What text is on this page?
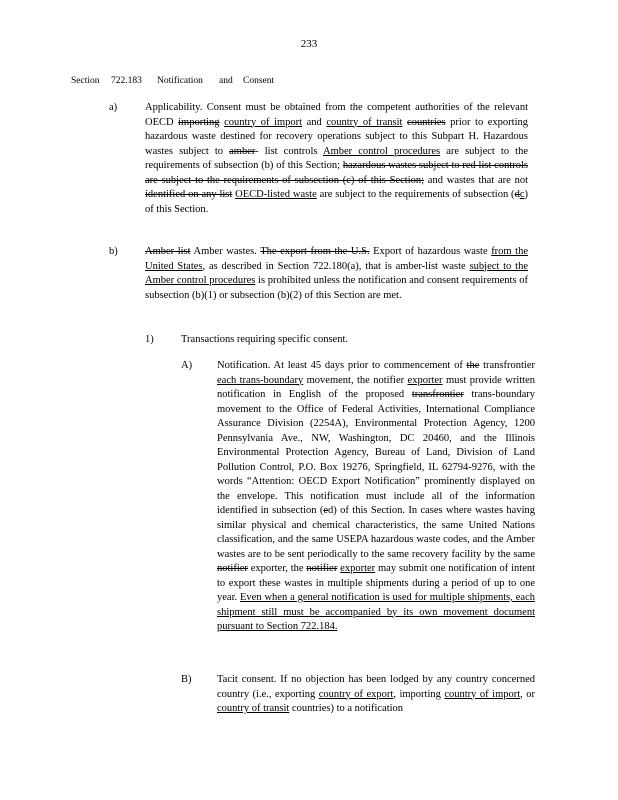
233
Section 722.183 Notification and Consent
a)	Applicability. Consent must be obtained from the competent authorities of the relevant OECD importing country of import and country of transit countries prior to exporting hazardous waste destined for recovery operations subject to this Subpart H. Hazardous wastes subject to amber- list controls Amber control procedures are subject to the requirements of subsection (b) of this Section; hazardous wastes subject to red list controls are subject to the requirements of subsection (c) of this Section; and wastes that are not identified on any list OECD-listed waste are subject to the requirements of subsection (dc) of this Section.

b)	Amber list Amber wastes. The export from the U.S. Export of hazardous waste from the United States, as described in Section 722.180(a), that is amber-list waste subject to the Amber control procedures is prohibited unless the notification and consent requirements of subsection (b)(1) or subsection (b)(2) of this Section are met.

1)	Transactions requiring specific consent.
A) Notification. At least 45 days prior to commencement of the transfrontier each trans-boundary movement, the notifier exporter must provide written notification in English of the proposed transfrontier trans-boundary movement to the Office of Federal Activities, International Compliance Assurance Division (2254A), Environmental Protection Agency, 1200 Pennsylvania Ave., NW, Washington, DC 20460, and the Illinois Environmental Protection Agency, Bureau of Land, Division of Land Pollution Control, P.O. Box 19276, Springfield, IL 62794-9276, with the words “Attention: OECD Export Notification” prominently displayed on the envelope. This notification must include all of the information identified in subsection (ed) of this Section. In cases where wastes having similar physical and chemical characteristics, the same United Nations classification, and the same USEPA hazardous waste codes, and the Amber wastes are to be sent periodically to the same recovery facility by the same notifier exporter, the notifier exporter may submit one notification of intent to export these wastes in multiple shipments during a period of up to one year. Even when a general notification is used for multiple shipments, each shipment still must be accompanied by its own movement document pursuant to Section 722.184.

B) Tacit consent. If no objection has been lodged by any country concerned country (i.e., exporting country of export, importing country of import, or country of transit countries) to a notification
